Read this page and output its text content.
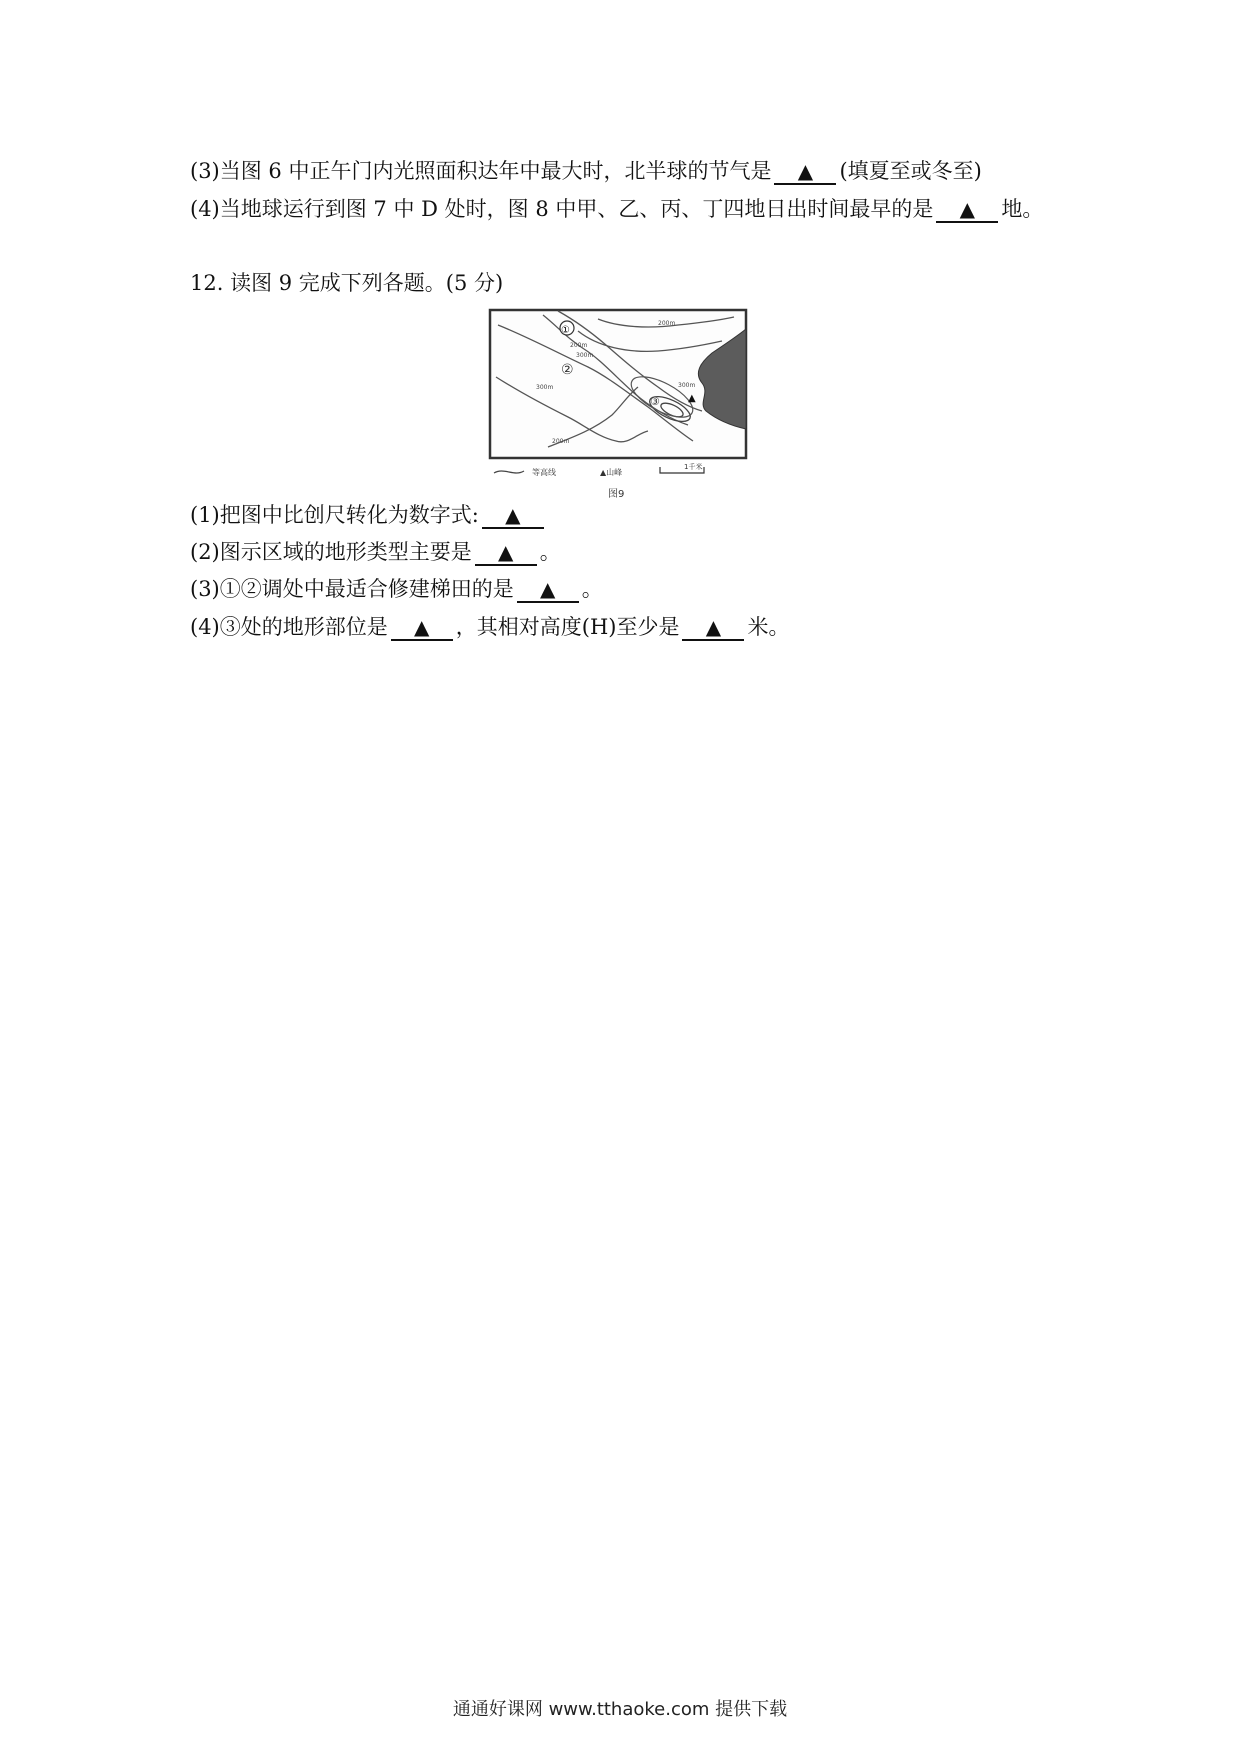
(3)当图 6 中正午门内光照面积达年中最大时，北半球的节气是 ▲ (填夏至或冬至)
(4)当地球运行到图 7 中 D 处时，图 8 中甲、乙、丙、丁四地日出时间最早的是 ▲ 地。
12. 读图 9 完成下列各题。(5 分)
①
②
③	▲
200m
200m
300m
300m
200m
300m
等高线	▲山峰
1千米
图9
(1)把图中比创尺转化为数字式: ▲
(2)图示区域的地形类型主要是 ▲ 。
(3)①②调处中最适合修建梯田的是 ▲ 。
(4)③处的地形部位是 ▲ ，其相对高度(H)至少是 ▲ 米。
通通好课网 www.tthaoke.com 提供下载
